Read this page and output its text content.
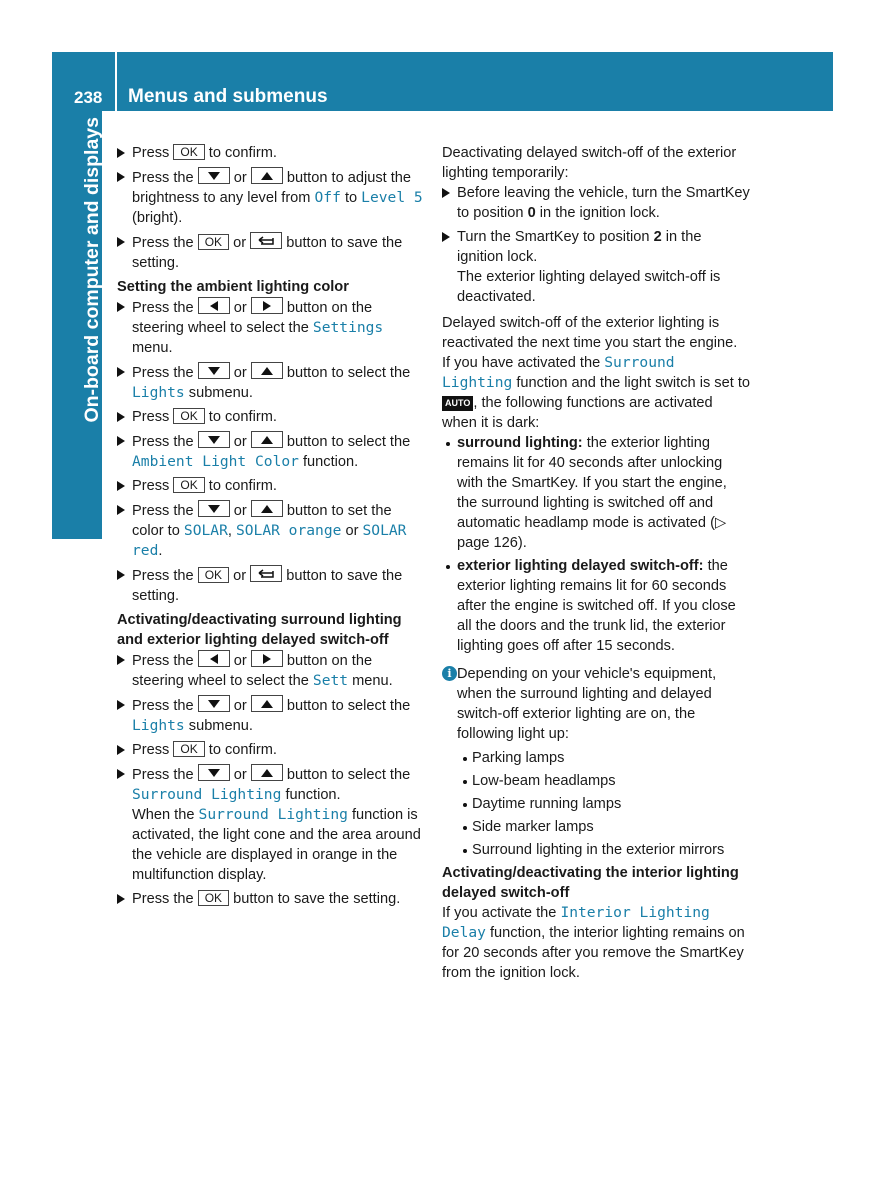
238 Menus and submenus
On-board computer and displays	Press OK to confirm.
Press the	or	button to adjust the brightness to any level from Off to Level 5 (bright).
Press the OK or	button to save the setting.

Setting the ambient lighting color

Press the	or	button on the steering wheel to select the Settings menu.
Press the	or	button to select the Lights submenu.
Press OK to confirm.
Press the	or	button to select the Ambient Light Color function.
Press OK to confirm.
Press the	or	button to set the color to SOLAR, SOLAR orange or SOLAR red.
Press the OK or	button to save the setting.

Activating/deactivating surround lighting and exterior lighting delayed switch-off

Press the	or	button on the steering wheel to select the Sett menu.
Press the	or	button to select the Lights submenu.
Press OK to confirm.
Press the	or	button to select the Surround Lighting function.
When the Surround Lighting function is activated, the light cone and the area around the vehicle are displayed in orange in the multifunction display.
Press the OK button to save the setting.

Deactivating delayed switch-off of the exterior lighting temporarily:

Before leaving the vehicle, turn the SmartKey to position 0 in the ignition lock.
Turn the SmartKey to position 2 in the ignition lock.
The exterior lighting delayed switch-off is deactivated.

Delayed switch-off of the exterior lighting is reactivated the next time you start the engine.

If you have activated the Surround Lighting function and the light switch is set to AUTO , the following functions are activated when it is dark:

surround lighting: the exterior lighting remains lit for 40 seconds after unlocking with the SmartKey. If you start the engine, the surround lighting is switched off and automatic headlamp mode is activated (▷ page 126).
exterior lighting delayed switch-off: the exterior lighting remains lit for 60 seconds after the engine is switched off. If you close all the doors and the trunk lid, the exterior lighting goes off after 15 seconds.
i Depending on your vehicle's equipment, when the surround lighting and delayed switch-off exterior lighting are on, the following light up:
Parking lamps
Low-beam headlamps
Daytime running lamps
Side marker lamps
Surround lighting in the exterior mirrors

Activating/deactivating the interior lighting delayed switch-off

If you activate the Interior Lighting Delay function, the interior lighting remains on for 20 seconds after you remove the SmartKey from the ignition lock.
